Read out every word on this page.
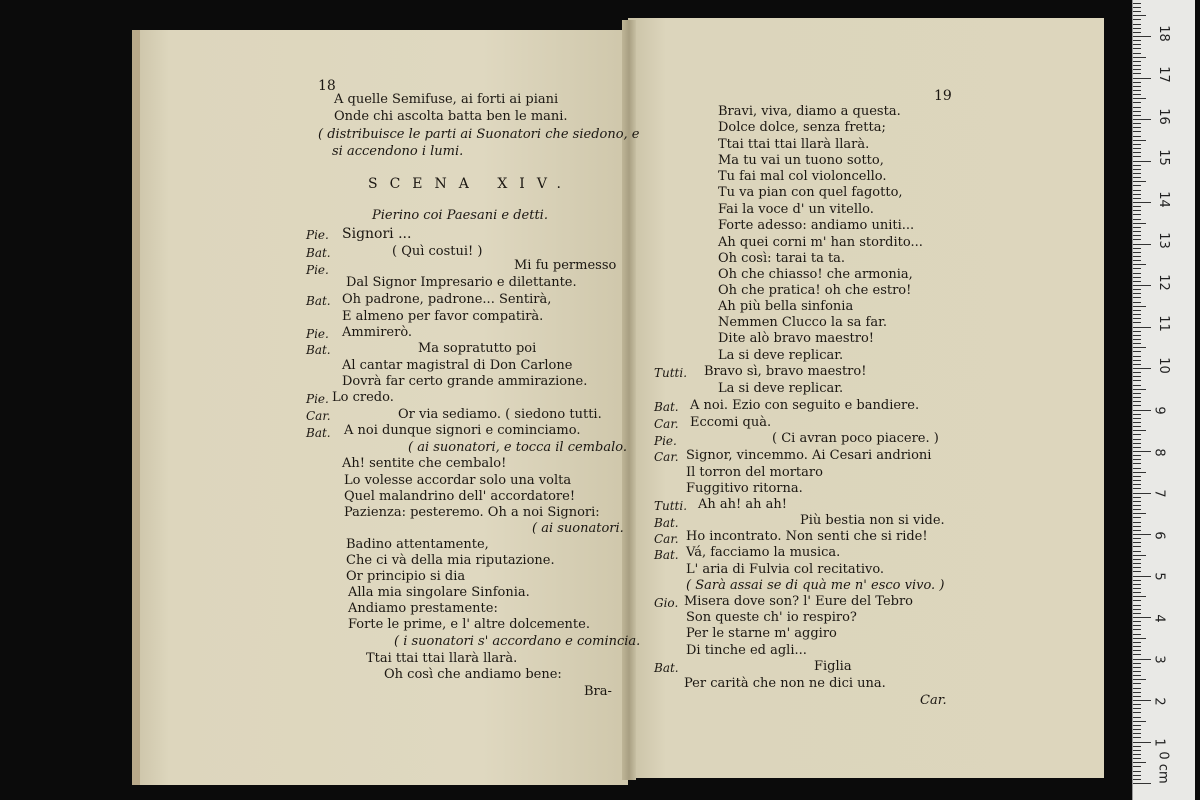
18
A quelle Semifuse, ai forti ai piani
Onde chi ascolta batta ben le mani.
( distribuisce le parti ai Suonatori che siedono, e
si accendono i lumi.
SCENA XIV.
Pierino coi Paesani e detti.
Pie. Signori ...
Bat.	( Quì costui! )
Pie.	Mi fu permesso
Dal Signor Impresario e dilettante.
Bat. Oh padrone, padrone... Sentirà,
E almeno per favor compatirà.
Pie. Ammirerò.
Bat.	Ma sopratutto poi
Al cantar magistral di Don Carlone
Dovrà far certo grande ammirazione.
Pie. Lo credo.
Car.	Or via sediamo. ( siedono tutti.
Bat. A noi dunque signori e cominciamo.
( ai suonatori, e tocca il cembalo.
Ah! sentite che cembalo!
Lo volesse accordar solo una volta
Quel malandrino dell' accordatore!
Pazienza: pesteremo. Oh a noi Signori:
( ai suonatori.
Badino attentamente,
Che ci và della mia riputazione.
Or principio si dia
Alla mia singolare Sinfonia.
Andiamo prestamente:
Forte le prime, e l' altre dolcemente.
( i suonatori s' accordano e comincia.
Ttai ttai ttai llarà llarà.
Oh così che andiamo bene:
Bra-
19
Bravi, viva, diamo a questa.
Dolce dolce, senza fretta;
Ttai ttai ttai llarà llarà.
Ma tu vai un tuono sotto,
Tu fai mal col violoncello.
Tu va pian con quel fagotto,
Fai la voce d' un vitello.
Forte adesso: andiamo uniti...
Ah quei corni m' han stordito...
Oh così: tarai ta ta.
Oh che chiasso! che armonia,
Oh che pratica! oh che estro!
Ah più bella sinfonia
Nemmen Clucco la sa far.
Dite alò bravo maestro!
La si deve replicar.
Tutti. Bravo sì, bravo maestro!
La si deve replicar.
Bat. A noi. Ezio con seguito e bandiere.
Car. Eccomi quà.
Pie.	( Ci avran poco piacere. )
Car. Signor, vincemmo. Ai Cesari andrioni
Il torron del mortaro
Fuggitivo ritorna.
Tutti. Ah ah! ah ah!
Bat.	Più bestia non si vide.
Car. Ho incontrato. Non senti che si ride!
Bat. Vá, facciamo la musica.
L' aria di Fulvia col recitativo.
( Sarà assai se di quà me n' esco vivo. )
Gio. Misera dove son? l' Eure del Tebro
Son queste ch' io respiro?
Per le starne m' aggiro
Di tinche ed agli...
Bat.	Figlia
Per carità che non ne dici una.
Car.
0 cm
1
2
3
4
5
6
7
8
9
10
11
12
13
14
15
16
17
18
